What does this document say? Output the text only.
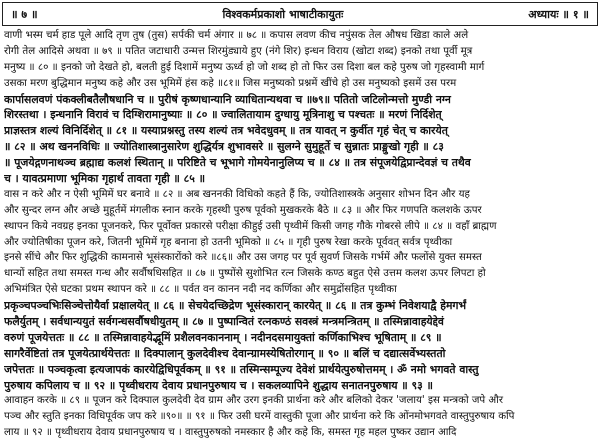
॥ ७ ॥	विश्वकर्मप्रकाशो भाषाटीकायुतः	अध्यायः ॥ १ ॥
वाणी भस्म चर्म हाड पूले आदि तृण तुष (तुस) सर्पकी चर्म अंगार ॥ ७८ ॥ कपास लवण कीच नपुंसक तेल औषध खिडा काले अले
रोगी तेल आदिसे अथवा ॥ ७९ ॥ पतित जटाधारी उन्मत्त शिरमुंड्याये हुए (नंगे शिर) इन्धन विराय (खोटा शब्द) इनको तथा पूर्वी मूत्र
मनुष्य ॥ ८० ॥ इनको जो देखते हो, बलती हुई दिशामें मनुष्य ऊर्ध्व हो जो शब्द हो तो फिर उस दिशा बल कहे पुरुष जो गृहस्वामी मार्ग
उसका मरण बुद्धिमान मनुष्य कहे और उस भूमिमें हंस कहे ॥८१॥ जिस मनुष्यको प्रश्नमें खींचे हो उस मनुष्यको इसमें उस परम
कार्पासलवणं पंकक्लीबतैलौषधानि च ॥ पुरीषं कृष्णधान्यानि व्याधितान्यथवा च ॥७९॥ पतितो जटिलोन्मत्तो मुण्डी नग्न
शिरस्तथा । इन्धनानि विरावं च दिग्शिरामानुष्याः ॥ ८० ॥ ज्वालितायाम दुग्धायु मूत्रिनाशु च पश्चतः ॥ मरणं निर्दिशेत्
प्राज्ञस्तत्र शल्यं विनिर्दिशेत् ॥ ८१ ॥ यस्याप्रश्नस्तु तस्य शल्यं तत्र भवेदधुवम् ॥ तत्र यावत् न कुर्वीत गृहं चेत् च कारयेत्
॥ ८२ ॥ अथ खननविधिः ॥ ज्योतिशास्त्रानुसारेण शुद्धिर्यत्र शुभावसरे ॥ सुलग्ने सुमुहूर्ते च सुन्नातः प्राङ्मुखो गृही ॥ ८३
॥ पूजयेद्गणनाथञ्च ब्रह्माद्य कलशं स्थितान् ॥ परिष्टिते च भूभागे गोमयेनानुलिप्य च ॥ ८४ ॥ तत्र संपूजयेद्विप्रान्देवज्ञं च तथैव
च । यावत्प्रमाणा भूमिका गृहार्थ तावता गृही ॥ ८५ ॥
वास न करे और न ऐसी भूमिमें घर बनावे ॥ ८२ ॥ अब खननकी विधिको कहते हैं कि, ज्योतिशास्त्रके अनुसार शोभन दिन और यह
और सुन्दर लग्न और अच्छे मुहूर्तमें मंगलीक स्नान करके गृहस्थी पुरुष पूर्वको मुखकरके बैठे ॥ ८३ ॥ और फिर गणपति कलशके ऊपर
स्थापन किये नवग्रह इनका पूजनकरे, फिर पूर्वोक्त प्रकारसे परीक्षा कीहुई उसी पृथ्वीमें किसी जगह गौके गोबरसे लीपे ॥ ८४ ॥ वहाँ ब्राह्मण
और ज्योतिषीका पूजन करे, जितनी भूमिमें गृह बनाना हो उतनी भूमिको ॥ ८५ ॥ गृही पुरुष रेखा करके पूर्ववत् सर्वत्र पृथ्वीका
इनसे सींचे और फिर शुद्धिकी कामनासे भूसंस्कारोंको करे ॥८६॥ और उस जगह पर पूर्व सुवर्ण जिसके गर्भमें और फलोंसे युक्त समस्त
धान्यों सहित तथा समस्त गन्ध और सर्वौषधिसहित ॥ ८७ ॥ पुष्पोंसे सुशोभित रत्न जिसके कण्ठ बहुत ऐसे उत्तम कलश ऊपर लिपटा हो
अभिमंत्रित ऐसे घटका प्रथम स्थापन करे ॥ ८८ ॥ पर्वत वन कानन नदी नद कर्णिका और समुद्रोंसहित पृथ्वीका
प्रकृञ्चपञ्चभिःसिञ्चेत्तोयैर्वा प्रक्षालयेत् ॥ ८६ ॥ सेचयेदच्छिद्रेण भूसंस्कारान् कारयेत् ॥ ८६ ॥ तत्र कुम्भं निवेशयाद्वै हेमगर्भं
फलैर्युतम् । सर्वधान्ययुतं सर्वगन्धसर्वौषधीयुतम् ॥ ८७ ॥ पुष्पान्वितं रत्नकण्ठं सवस्त्रं मन्त्रमन्त्रितम् ॥ तस्मिन्नावाहयेद्देवं
वरुणं पूजयेत्ततः ॥ ८८ ॥ तस्मिन्नावाहयेद्भूमिं प्रशैलवनकाननाम् । नदीनदसमायुक्तां कर्णिकाभिश्च भूषिताम् ॥ ८९ ॥
सागरैर्वेष्टितां तत्र पूजयेत्प्रार्थयेत्ततः ॥ दिक्पालान् कुलदेवीश्च देवान्ग्रामस्येषितोरगान् ॥ ९० ॥ बलिं च दद्यात्सर्वेभ्यस्ततो
जपेत्ततः ॥ पञ्चकृत्वा इत्यजापकं कारयेद्विधिपूर्वकम् ॥ ९१ ॥ तस्मिन्सम्पूज्य देवेशं प्रार्थयेत्पुरुषोत्तमम् । ॐ नमो भगवते वास्तु
पुरुषाय कपिलाय च ॥ ९२ ॥ पृथ्वीधराय देवाय प्रधानपुरुषाय च । सकलव्यापिने शुद्धाय सनातनपुरुषाय ॥ ९३ ॥
आवाहन करके ॥ ८९ ॥ पूजन करे दिक्पाल कुलदेवी देव ग्राम और उरग इनकी प्रार्थना करे और बलिको देकर 'जलाय' इस मन्त्रको जपे और
पञ्च और स्तुति इनका विधिपूर्वक जप करे ॥९०॥ ॥ ९१ ॥ फिर उसी घरमें वास्तुकी पूजा और प्रार्थना करे कि ओंनमोभगवते वास्तुपुरुषाय कपि
लाय ॥ ९२ ॥ पृथ्वीधराय देवाय प्रधानपुरुषाय च । वास्तुपुरुषको नमस्कार है और कहे कि, समस्त गृह महल पुष्कर उद्यान आदि
